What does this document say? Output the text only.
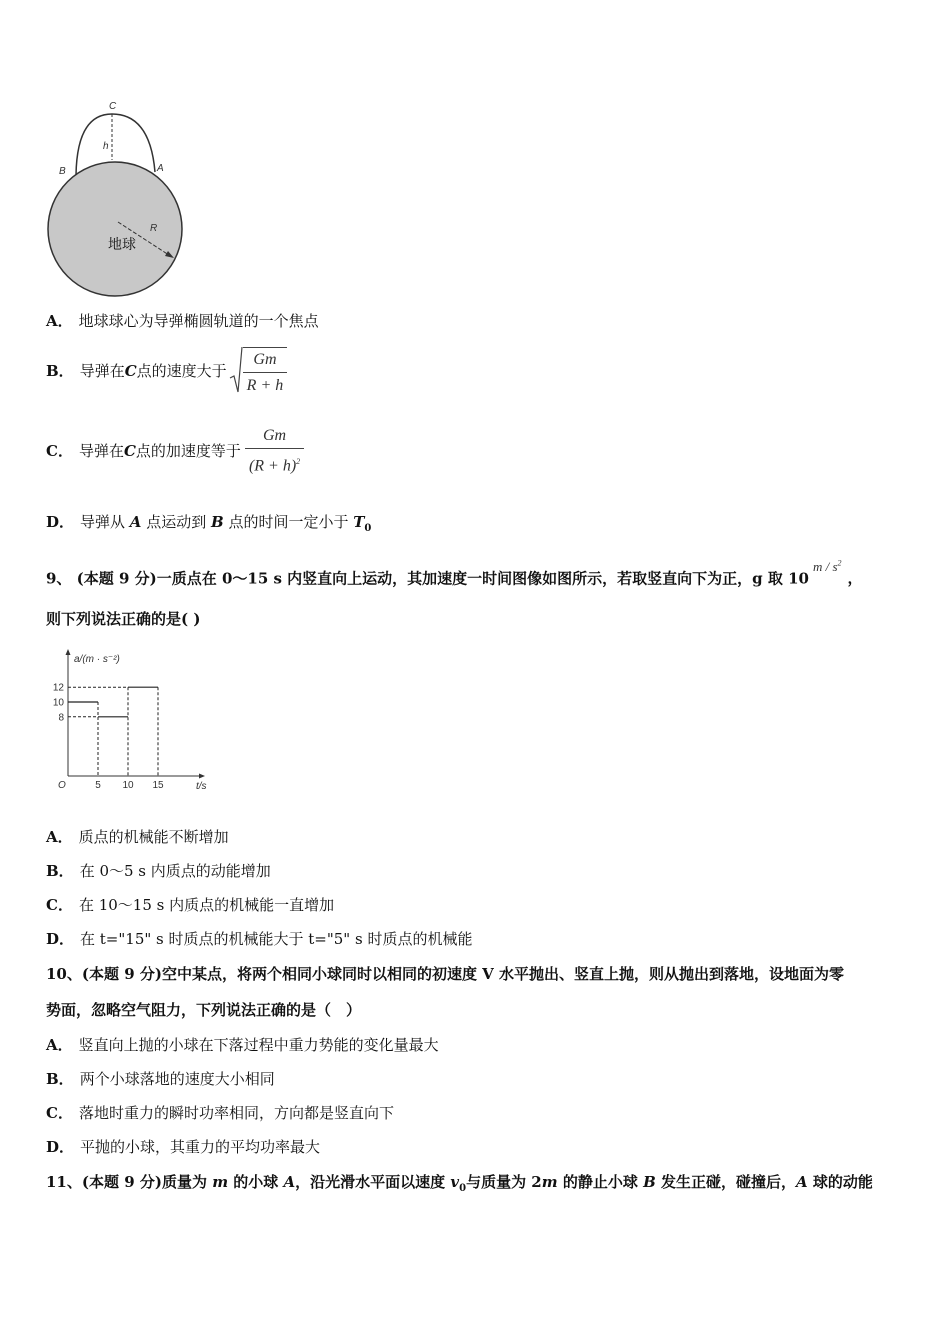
C
h
B	A
R
地球
A． 地球球心为导弹椭圆轨道的一个焦点
B． 导弹在 C 点的速度大于 $\frac{Gm}{R + h}$
C． 导弹在 C 点的加速度等于 $\frac{Gm}{(R + h)^2}$
D． 导弹从 A 点运动到 B 点的时间一定小于 $T_0$
9、 (本题 9 分)一质点在 0～15 s 内竖直向上运动，其加速度一时间图像如图所示，若取竖直向下为正，g 取 $10^{m / s^2}$，
则下列说法正确的是( )
a/(m · s⁻²)
t/s
O
12
10
8
5 10 15
A． 质点的机械能不断增加
B． 在 0～5 s 内质点的动能增加
C． 在 10～15 s 内质点的机械能一直增加
D． 在 t="15" s 时质点的机械能大于 t="5" s 时质点的机械能
10、(本题 9 分)空中某点，将两个相同小球同时以相同的初速度 V 水平抛出、竖直上抛，则从抛出到落地，设地面为零
势面，忽略空气阻力，下列说法正确的是（　）
A． 竖直向上抛的小球在下落过程中重力势能的变化量最大
B． 两个小球落地的速度大小相同
C． 落地时重力的瞬时功率相同，方向都是竖直向下
D． 平抛的小球，其重力的平均功率最大
11、(本题 9 分)质量为 m 的小球 A，沿光滑水平面以速度 $v_0$与质量为 2m 的静止小球 B 发生正碰，碰撞后，A 球的动能
